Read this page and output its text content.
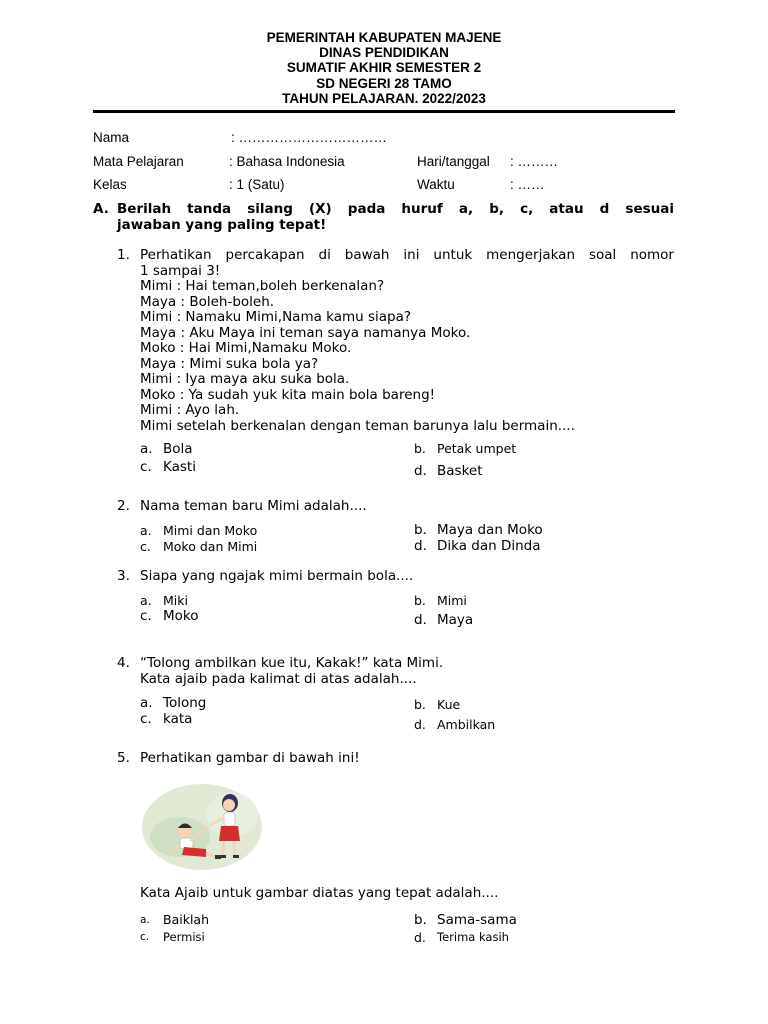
PEMERINTAH KABUPATEN MAJENE
DINAS PENDIDIKAN
SUMATIF AKHIR SEMESTER 2
SD NEGERI 28 TAMO
TAHUN PELAJARAN. 2022/2023
Nama	: ……………………………
Mata Pelajaran	: Bahasa Indonesia	Hari/tanggal : ………
Kelas	: 1 (Satu)	Waktu	: ……
A. Berilah tanda silang (X) pada huruf a, b, c, atau d sesuai
jawaban yang paling tepat!
1. Perhatikan percakapan di bawah ini untuk mengerjakan soal nomor
1 sampai 3!
Mimi : Hai teman,boleh berkenalan?
Maya : Boleh-boleh.
Mimi : Namaku Mimi,Nama kamu siapa?
Maya : Aku Maya ini teman saya namanya Moko.
Moko : Hai Mimi,Namaku Moko.
Maya : Mimi suka bola ya?
Mimi : Iya maya aku suka bola.
Moko : Ya sudah yuk kita main bola bareng!
Mimi : Ayo lah.
Mimi setelah berkenalan dengan teman barunya lalu bermain....
a. Bola	b. Petak umpet
c. Kasti	d. Basket
2. Nama teman baru Mimi adalah....
a. Mimi dan Moko	b. Maya dan Moko
c. Moko dan Mimi	d. Dika dan Dinda
3. Siapa yang ngajak mimi bermain bola....
a. Miki	b. Mimi
c. Moko	d. Maya
4. “Tolong ambilkan kue itu, Kakak!” kata Mimi.
Kata ajaib pada kalimat di atas adalah....
a. Tolong	b. Kue
c. kata	d. Ambilkan
5. Perhatikan gambar di bawah ini!
Kata Ajaib untuk gambar diatas yang tepat adalah....
a. Baiklah	b. Sama-sama
c. Permisi	d. Terima kasih
